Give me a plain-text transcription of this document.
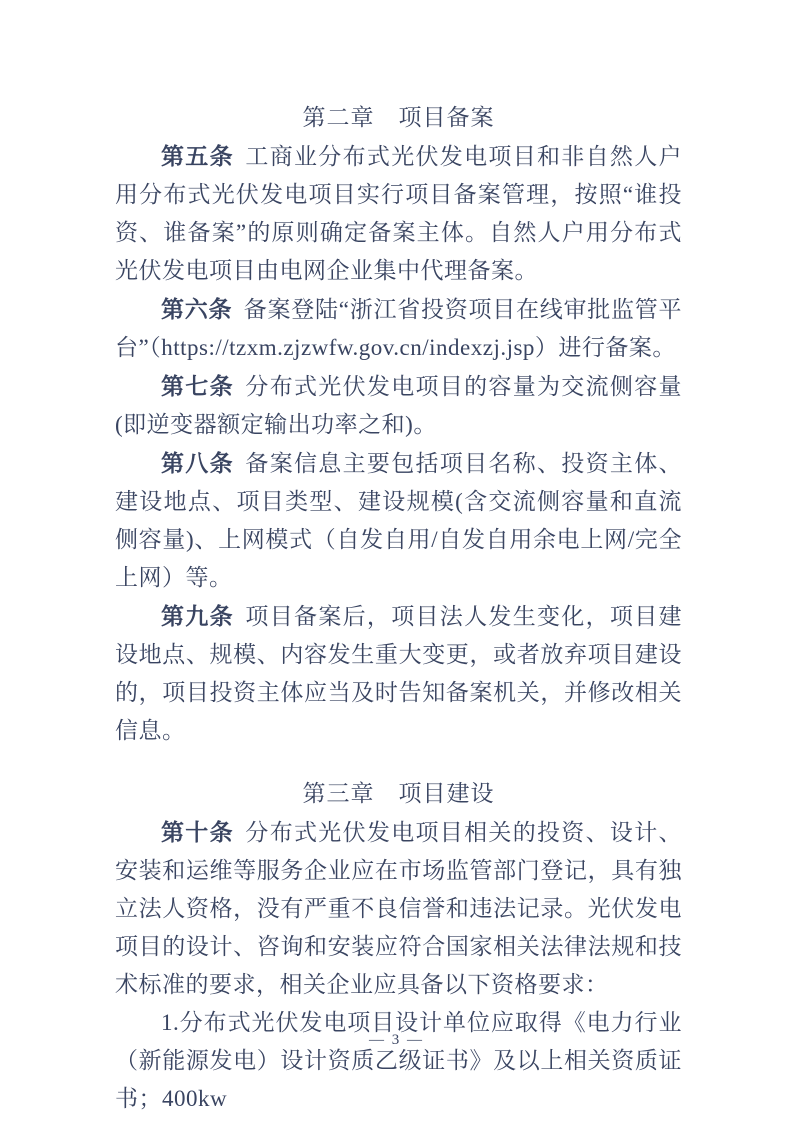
第二章　项目备案

第五条 工商业分布式光伏发电项目和非自然人户用分布式光伏发电项目实行项目备案管理，按照“谁投资、谁备案”的原则确定备案主体。自然人户用分布式光伏发电项目由电网企业集中代理备案。

第六条 备案登陆“浙江省投资项目在线审批监管平台”（https://tzxm.zjzwfw.gov.cn/indexzj.jsp）进行备案。

第七条 分布式光伏发电项目的容量为交流侧容量(即逆变器额定输出功率之和)。

第八条 备案信息主要包括项目名称、投资主体、建设地点、项目类型、建设规模(含交流侧容量和直流侧容量)、上网模式（自发自用/自发自用余电上网/完全上网）等。

第九条 项目备案后，项目法人发生变化，项目建设地点、规模、内容发生重大变更，或者放弃项目建设的，项目投资主体应当及时告知备案机关，并修改相关信息。

第三章　项目建设

第十条 分布式光伏发电项目相关的投资、设计、安装和运维等服务企业应在市场监管部门登记，具有独立法人资格，没有严重不良信誉和违法记录。光伏发电项目的设计、咨询和安装应符合国家相关法律法规和技术标准的要求，相关企业应具备以下资格要求：

1.分布式光伏发电项目设计单位应取得《电力行业（新能源发电）设计资质乙级证书》及以上相关资质证书；400kw

— 3 —
